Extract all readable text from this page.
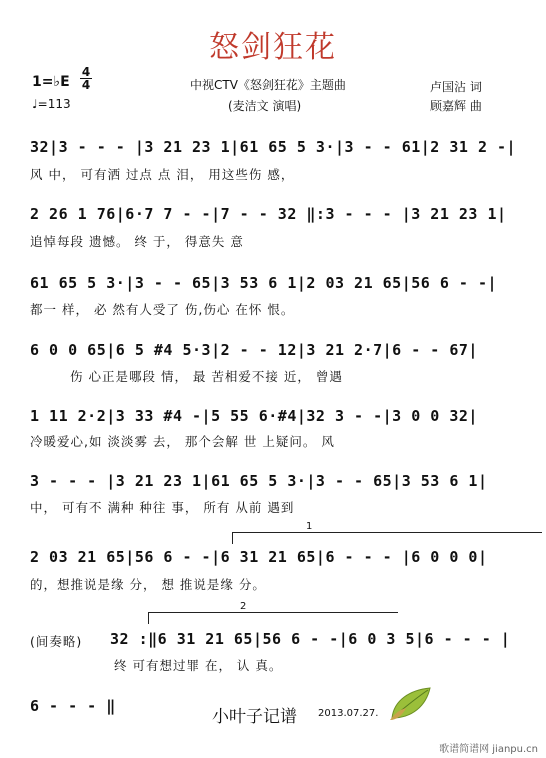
怒剑狂花
1=♭E
4
4
♩=113
中视CTV《怒剑狂花》主题曲
(麦洁文 演唱)
卢国沾 词
顾嘉辉 曲
32|3 - - - |3 21 23 1|61 65 5 3·|3 - - 61|2 31 2 -|
风 中， 可有洒 过点 点 泪， 用这些伤 感，
2 26 1 76|6·7 7 - -|7 - - 32 ‖:3 - - - |3 21 23 1|
追悼每段 遗憾。 终 于， 得意失 意
61 65 5 3·|3 - - 65|3 53 6 1|2 03 21 65|56 6 - -|
都一 样， 必 然有人受了 伤,伤心 在怀 恨。
6 0 0 65|6 5 #4 5·3|2 - - 12|3 21 2·7|6 - - 67|
伤 心正是哪段 情， 最 苦相爱不接 近， 曾遇
1 11 2·2|3 33 #4 -|5 55 6·#4|32 3 - -|3 0 0 32|
冷暖爱心,如 淡淡雾 去， 那个会解 世 上疑问。 风
3 - - - |3 21 23 1|61 65 5 3·|3 - - 65|3 53 6 1|
中， 可有不 满种 种往 事， 所有 从前 遇到
1
2 03 21 65|56 6 - -|6 31 21 65|6 - - - |6 0 0 0|
的，想推说是缘 分， 想 推说是缘 分。
2
(间奏略) 32 :‖6 31 21 65|56 6 - -|6 0 3 5|6 - - - |
终 可有想过罪 在， 认 真。
6 - - - ‖
小叶子记谱 2013.07.27.
歌谱简谱网 jianpu.cn
